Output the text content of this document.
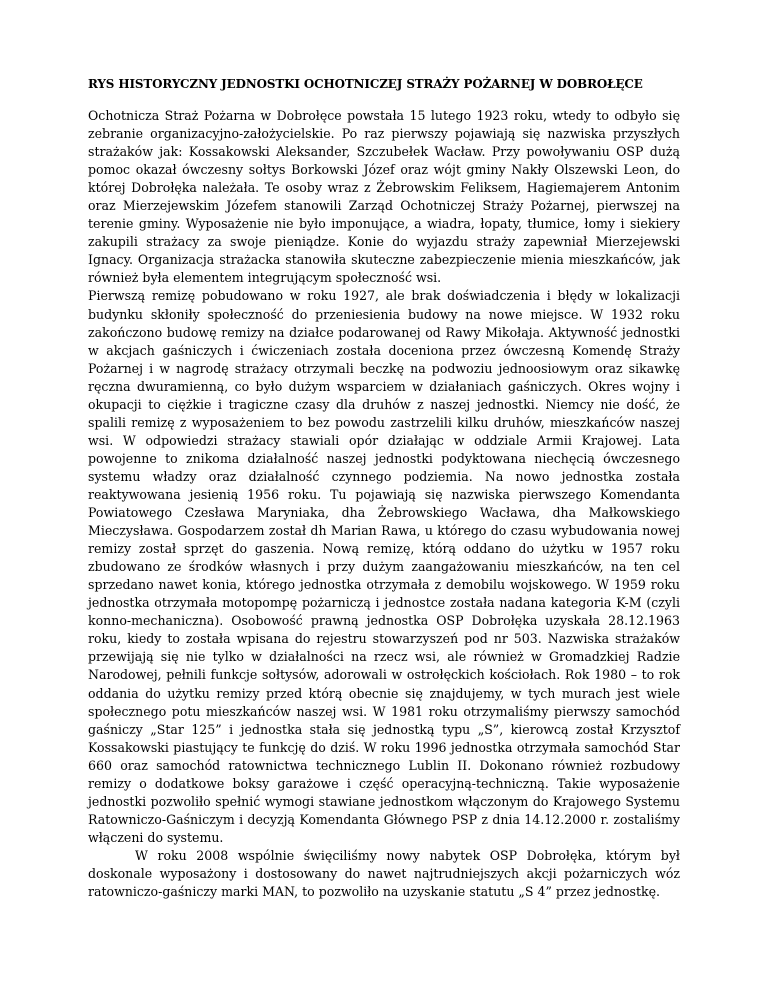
RYS HISTORYCZNY JEDNOSTKI OCHOTNICZEJ STRAŻY POŻARNEJ W DOBROŁĘCE

Ochotnicza Straż Pożarna w Dobrołęce powstała 15 lutego 1923 roku, wtedy to odbyło się zebranie organizacyjno-założycielskie. Po raz pierwszy pojawiają się nazwiska przyszłych strażaków jak: Kossakowski Aleksander, Szczubełek Wacław. Przy powoływaniu OSP dużą pomoc okazał ówczesny sołtys Borkowski Józef oraz wójt gminy Nakły Olszewski Leon, do której Dobrołęka należała. Te osoby wraz z Żebrowskim Feliksem, Hagiemajerem Antonim oraz Mierzejewskim Józefem stanowili Zarząd Ochotniczej Straży Pożarnej, pierwszej na terenie gminy. Wyposażenie nie było imponujące, a wiadra, łopaty, tłumice, łomy i siekiery zakupili strażacy za swoje pieniądze. Konie do wyjazdu straży zapewniał Mierzejewski Ignacy. Organizacja strażacka stanowiła skuteczne zabezpieczenie mienia mieszkańców, jak również była elementem integrującym społeczność wsi.

Pierwszą remizę pobudowano w roku 1927, ale brak doświadczenia i błędy w lokalizacji budynku skłoniły społeczność do przeniesienia budowy na nowe miejsce. W 1932 roku zakończono budowę remizy na działce podarowanej od Rawy Mikołaja. Aktywność jednostki w akcjach gaśniczych i ćwiczeniach została doceniona przez ówczesną Komendę Straży Pożarnej i w nagrodę strażacy otrzymali beczkę na podwoziu jednoosiowym oraz sikawkę ręczna dwuramienną, co było dużym wsparciem w działaniach gaśniczych. Okres wojny i okupacji to ciężkie i tragiczne czasy dla druhów z naszej jednostki. Niemcy nie dość, że spalili remizę z wyposażeniem to bez powodu zastrzelili kilku druhów, mieszkańców naszej wsi. W odpowiedzi strażacy stawiali opór działając w oddziale Armii Krajowej. Lata powojenne to znikoma działalność naszej jednostki podyktowana niechęcią ówczesnego systemu władzy oraz działalność czynnego podziemia. Na nowo jednostka została reaktywowana jesienią 1956 roku. Tu pojawiają się nazwiska pierwszego Komendanta Powiatowego Czesława Maryniaka, dha Żebrowskiego Wacława, dha Małkowskiego Mieczysława. Gospodarzem został dh Marian Rawa, u którego do czasu wybudowania nowej remizy został sprzęt do gaszenia. Nową remizę, którą oddano do użytku w 1957 roku zbudowano ze środków własnych i przy dużym zaangażowaniu mieszkańców, na ten cel sprzedano nawet konia, którego jednostka otrzymała z demobilu wojskowego. W 1959 roku jednostka otrzymała motopompę pożarniczą i jednostce została nadana kategoria K-M (czyli konno-mechaniczna). Osobowość prawną jednostka OSP Dobrołęka uzyskała 28.12.1963 roku, kiedy to została wpisana do rejestru stowarzyszeń pod nr 503. Nazwiska strażaków przewijają się nie tylko w działalności na rzecz wsi, ale również w Gromadzkiej Radzie Narodowej, pełnili funkcje sołtysów, adorowali w ostrołęckich kościołach. Rok 1980 – to rok oddania do użytku remizy przed którą obecnie się znajdujemy, w tych murach jest wiele społecznego potu mieszkańców naszej wsi. W 1981 roku otrzymaliśmy pierwszy samochód gaśniczy „Star 125” i jednostka stała się jednostką typu „S”, kierowcą został Krzysztof Kossakowski piastujący te funkcję do dziś. W roku 1996 jednostka otrzymała samochód Star 660 oraz samochód ratownictwa technicznego Lublin II. Dokonano również rozbudowy remizy o dodatkowe boksy garażowe i część operacyjną-techniczną. Takie wyposażenie jednostki pozwoliło spełnić wymogi stawiane jednostkom włączonym do Krajowego Systemu Ratowniczo-Gaśniczym i decyzją Komendanta Głównego PSP z dnia 14.12.2000 r. zostaliśmy włączeni do systemu.

W roku 2008 wspólnie święciliśmy nowy nabytek OSP Dobrołęka, którym był doskonale wyposażony i dostosowany do nawet najtrudniejszych akcji pożarniczych wóz ratowniczo-gaśniczy marki MAN, to pozwoliło na uzyskanie statutu „S 4” przez jednostkę.
